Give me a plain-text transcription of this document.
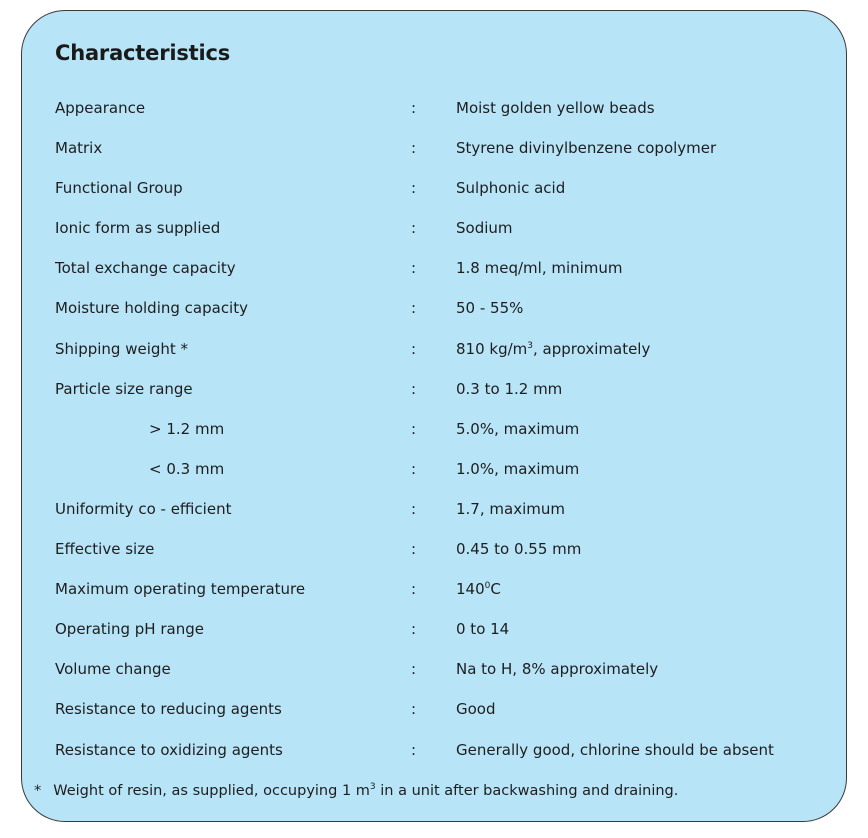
Characteristics
Appearance	:	Moist golden yellow beads
Matrix	:	Styrene divinylbenzene copolymer
Functional Group	:	Sulphonic acid
Ionic form as supplied	:	Sodium
Total exchange capacity	:	1.8 meq/ml, minimum
Moisture holding capacity	:	50 - 55%
Shipping weight *	:	810 $kg/m^3$, approximately
Particle size range	:	0.3 to 1.2 mm
> 1.2 mm	:	5.0%, maximum
< 0.3 mm	:	1.0%, maximum
Uniformity co - efficient	:	1.7, maximum
Effective size	:	0.45 to 0.55 mm
Maximum operating temperature	:	$140^0C$
Operating pH range	:	0 to 14
Volume change	:	Na to H, 8% approximately
Resistance to reducing agents	:	Good
Resistance to oxidizing agents	:	Generally good, chlorine should be absent
* Weight of resin, as supplied, occupying 1 $m^3$ in a unit after backwashing and draining.
